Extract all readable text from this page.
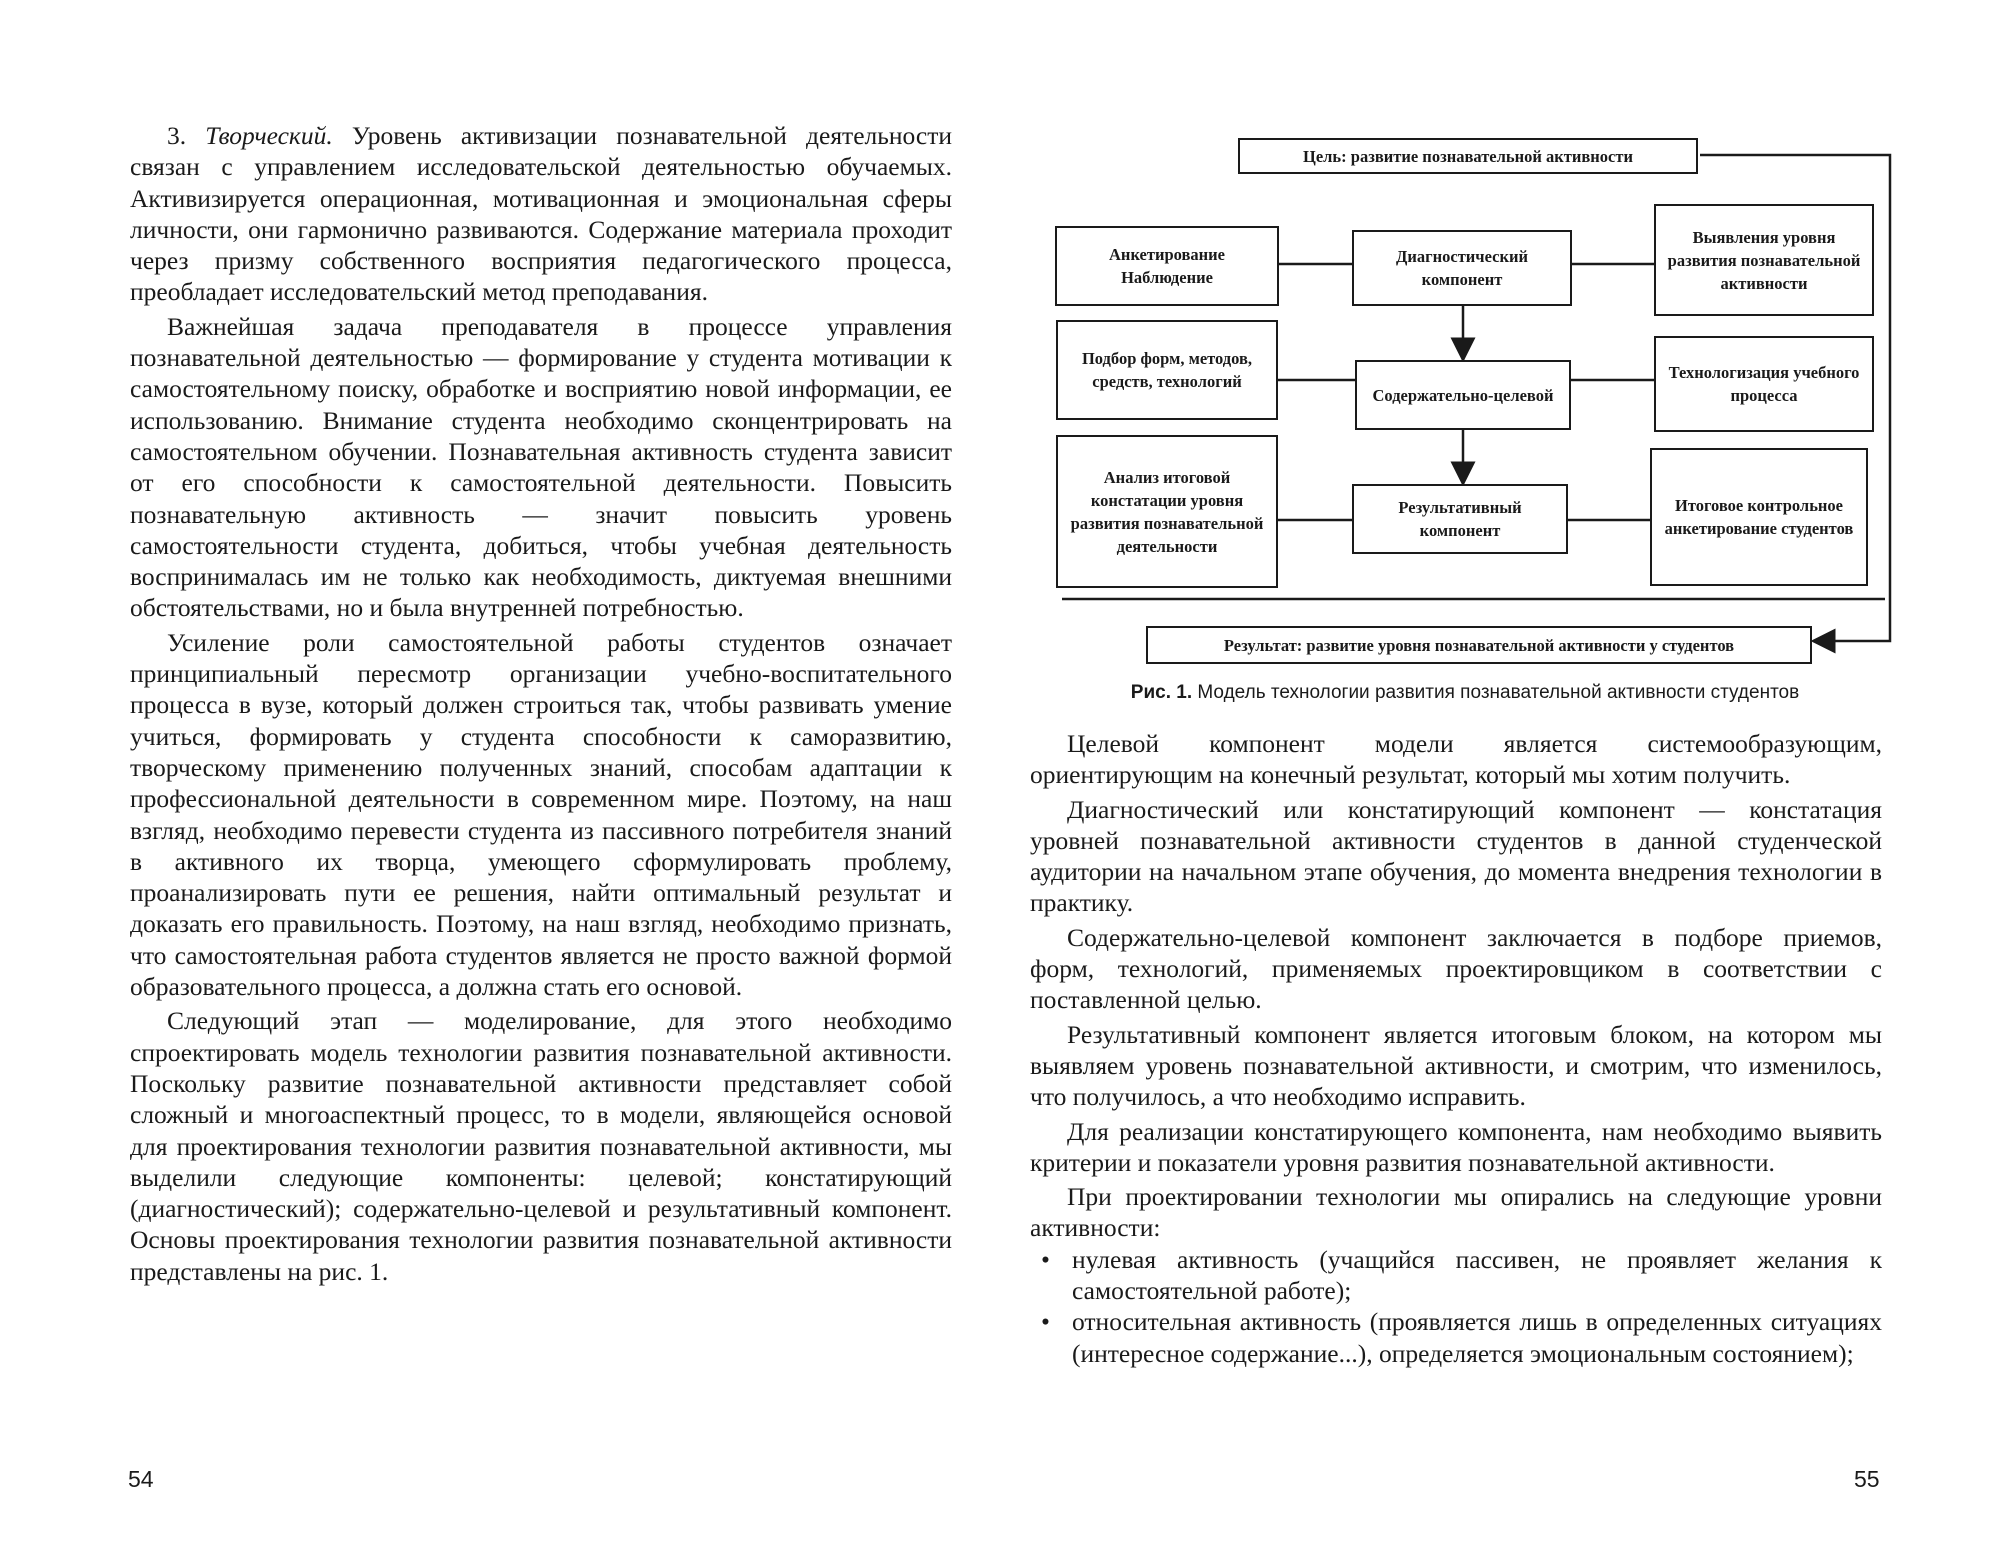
3. Творческий. Уровень активизации познавательной деятельности связан с управлением исследовательской деятельностью обучаемых. Активизируется операционная, мотивационная и эмоциональная сферы личности, они гармонично развиваются. Содержание материала проходит через призму собственного восприятия педагогического процесса, преобладает исследовательский метод преподавания.

Важнейшая задача преподавателя в процессе управления познавательной деятельностью — формирование у студента мотивации к самостоятельному поиску, обработке и восприятию новой информации, ее использованию. Внимание студента необходимо сконцентрировать на самостоятельном обучении. Познавательная активность студента зависит от его способности к самостоятельной деятельности. Повысить познавательную активность — значит повысить уровень самостоятельности студента, добиться, чтобы учебная деятельность воспринималась им не только как необходимость, диктуемая внешними обстоятельствами, но и была внутренней потребностью.

Усиление роли самостоятельной работы студентов означает принципиальный пересмотр организации учебно-воспитательного процесса в вузе, который должен строиться так, чтобы развивать умение учиться, формировать у студента способности к саморазвитию, творческому применению полученных знаний, способам адаптации к профессиональной деятельности в современном мире. Поэтому, на наш взгляд, необходимо перевести студента из пассивного потребителя знаний в активного их творца, умеющего сформулировать проблему, проанализировать пути ее решения, найти оптимальный результат и доказать его правильность. Поэтому, на наш взгляд, необходимо признать, что самостоятельная работа студентов является не просто важной формой образовательного процесса, а должна стать его основой.

Следующий этап — моделирование, для этого необходимо спроектировать модель технологии развития познавательной активности. Поскольку развитие познавательной активности представляет собой сложный и многоаспектный процесс, то в модели, являющейся основой для проектирования технологии развития познавательной активности, мы выделили следующие компоненты: целевой; констатирующий (диагностический); содержательно-целевой и результативный компонент. Основы проектирования технологии развития познавательной активности представлены на рис. 1.

54
Цель: развитие познавательной активности
Анкетирование Наблюдение
Подбор форм, методов, средств, технологий
Анализ итоговой констатации уровня развития познавательной деятельности
Диагностический компонент
Содержательно-целевой
Результативный компонент
Выявления уровня развития познавательной активности
Технологизация учебного процесса
Итоговое контрольное анкетирование студентов
Результат: развитие уровня познавательной активности у студентов
Рис. 1. Модель технологии развития познавательной активности студентов

Целевой компонент модели является системообразующим, ориентирующим на конечный результат, который мы хотим получить.

Диагностический или констатирующий компонент — констатация уровней познавательной активности студентов в данной студенческой аудитории на начальном этапе обучения, до момента внедрения технологии в практику.

Содержательно-целевой компонент заключается в подборе приемов, форм, технологий, применяемых проектировщиком в соответствии с поставленной целью.

Результативный компонент является итоговым блоком, на котором мы выявляем уровень познавательной активности, и смотрим, что изменилось, что получилось, а что необходимо исправить.

Для реализации констатирующего компонента, нам необходимо выявить критерии и показатели уровня развития познавательной активности.

При проектировании технологии мы опирались на следующие уровни активности:

• нулевая активность (учащийся пассивен, не проявляет желания к самостоятельной работе);
• относительная активность (проявляется лишь в определенных ситуациях (интересное содержание...), определяется эмоциональным состоянием);
55
